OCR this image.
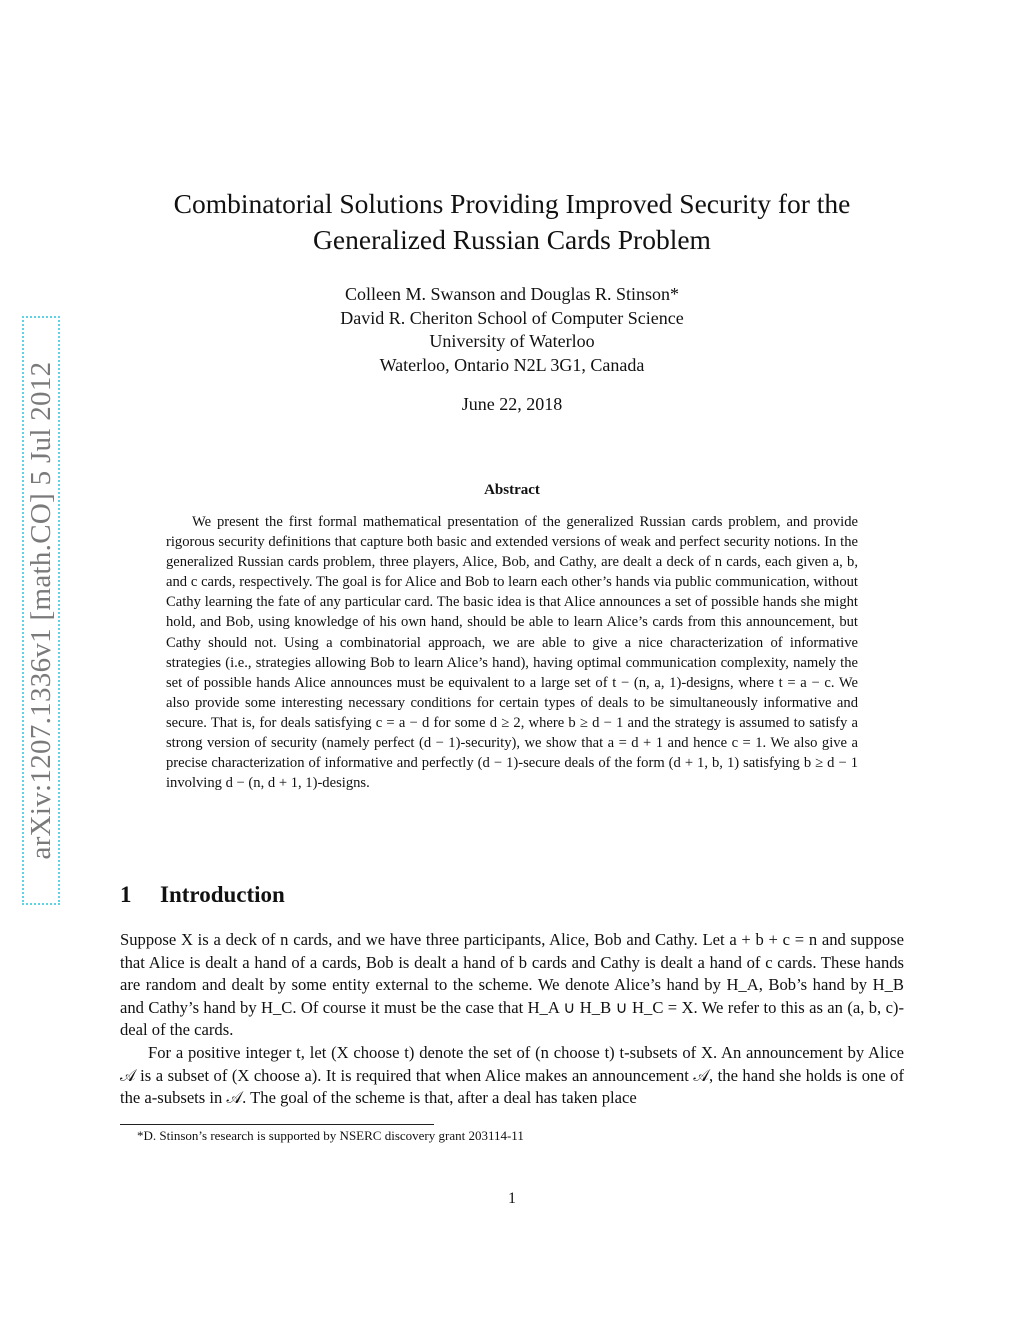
arXiv:1207.1336v1 [math.CO] 5 Jul 2012
Combinatorial Solutions Providing Improved Security for the
Generalized Russian Cards Problem
Colleen M. Swanson and Douglas R. Stinson*
David R. Cheriton School of Computer Science
University of Waterloo
Waterloo, Ontario N2L 3G1, Canada
June 22, 2018
Abstract

We present the first formal mathematical presentation of the generalized Russian cards problem, and provide rigorous security definitions that capture both basic and extended versions of weak and perfect security notions. In the generalized Russian cards problem, three players, Alice, Bob, and Cathy, are dealt a deck of n cards, each given a, b, and c cards, respectively. The goal is for Alice and Bob to learn each other’s hands via public communication, without Cathy learning the fate of any particular card. The basic idea is that Alice announces a set of possible hands she might hold, and Bob, using knowledge of his own hand, should be able to learn Alice’s cards from this announcement, but Cathy should not. Using a combinatorial approach, we are able to give a nice characterization of informative strategies (i.e., strategies allowing Bob to learn Alice’s hand), having optimal communication complexity, namely the set of possible hands Alice announces must be equivalent to a large set of t − (n, a, 1)-designs, where t = a − c. We also provide some interesting necessary conditions for certain types of deals to be simultaneously informative and secure. That is, for deals satisfying c = a − d for some d ≥ 2, where b ≥ d − 1 and the strategy is assumed to satisfy a strong version of security (namely perfect (d − 1)-security), we show that a = d + 1 and hence c = 1. We also give a precise characterization of informative and perfectly (d − 1)-secure deals of the form (d + 1, b, 1) satisfying b ≥ d − 1 involving d − (n, d + 1, 1)-designs.

1 Introduction

Suppose X is a deck of n cards, and we have three participants, Alice, Bob and Cathy. Let a + b + c = n and suppose that Alice is dealt a hand of a cards, Bob is dealt a hand of b cards and Cathy is dealt a hand of c cards. These hands are random and dealt by some entity external to the scheme. We denote Alice’s hand by H_A, Bob’s hand by H_B and Cathy’s hand by H_C. Of course it must be the case that H_A ∪ H_B ∪ H_C = X. We refer to this as an (a, b, c)-deal of the cards.

For a positive integer t, let (X choose t) denote the set of (n choose t) t-subsets of X. An announcement by Alice 𝒜 is a subset of (X choose a). It is required that when Alice makes an announcement 𝒜, the hand she holds is one of the a-subsets in 𝒜. The goal of the scheme is that, after a deal has taken place

*D. Stinson’s research is supported by NSERC discovery grant 203114-11
1
